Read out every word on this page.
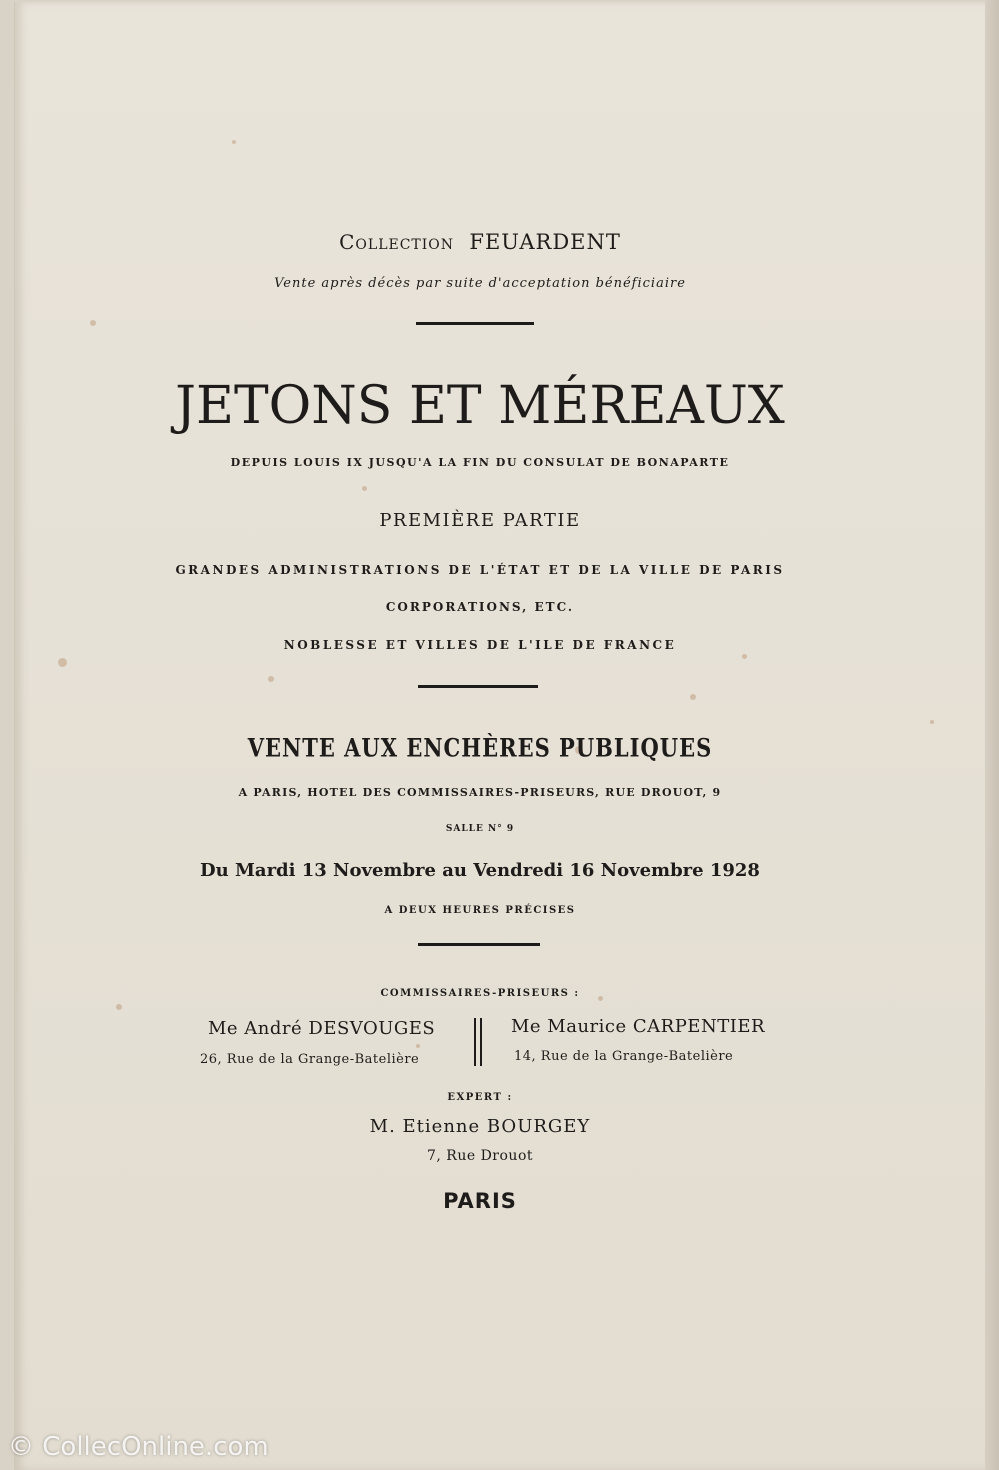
Collection FEUARDENT
Vente après décès par suite d'acceptation bénéficiaire
JETONS ET MÉREAUX
DEPUIS LOUIS IX JUSQU'A LA FIN DU CONSULAT DE BONAPARTE
PREMIÈRE PARTIE
GRANDES ADMINISTRATIONS DE L'ÉTAT ET DE LA VILLE DE PARIS
CORPORATIONS, ETC.
NOBLESSE ET VILLES DE L'ILE DE FRANCE
VENTE AUX ENCHÈRES PUBLIQUES
A PARIS, HOTEL DES COMMISSAIRES-PRISEURS, RUE DROUOT, 9
SALLE N° 9
Du Mardi 13 Novembre au Vendredi 16 Novembre 1928
A DEUX HEURES PRÉCISES
COMMISSAIRES-PRISEURS :
Me André DESVOUGES
26, Rue de la Grange-Batelière
Me Maurice CARPENTIER
14, Rue de la Grange-Batelière
EXPERT :
M. Etienne BOURGEY
7, Rue Drouot
PARIS
© CollecOnline.com
